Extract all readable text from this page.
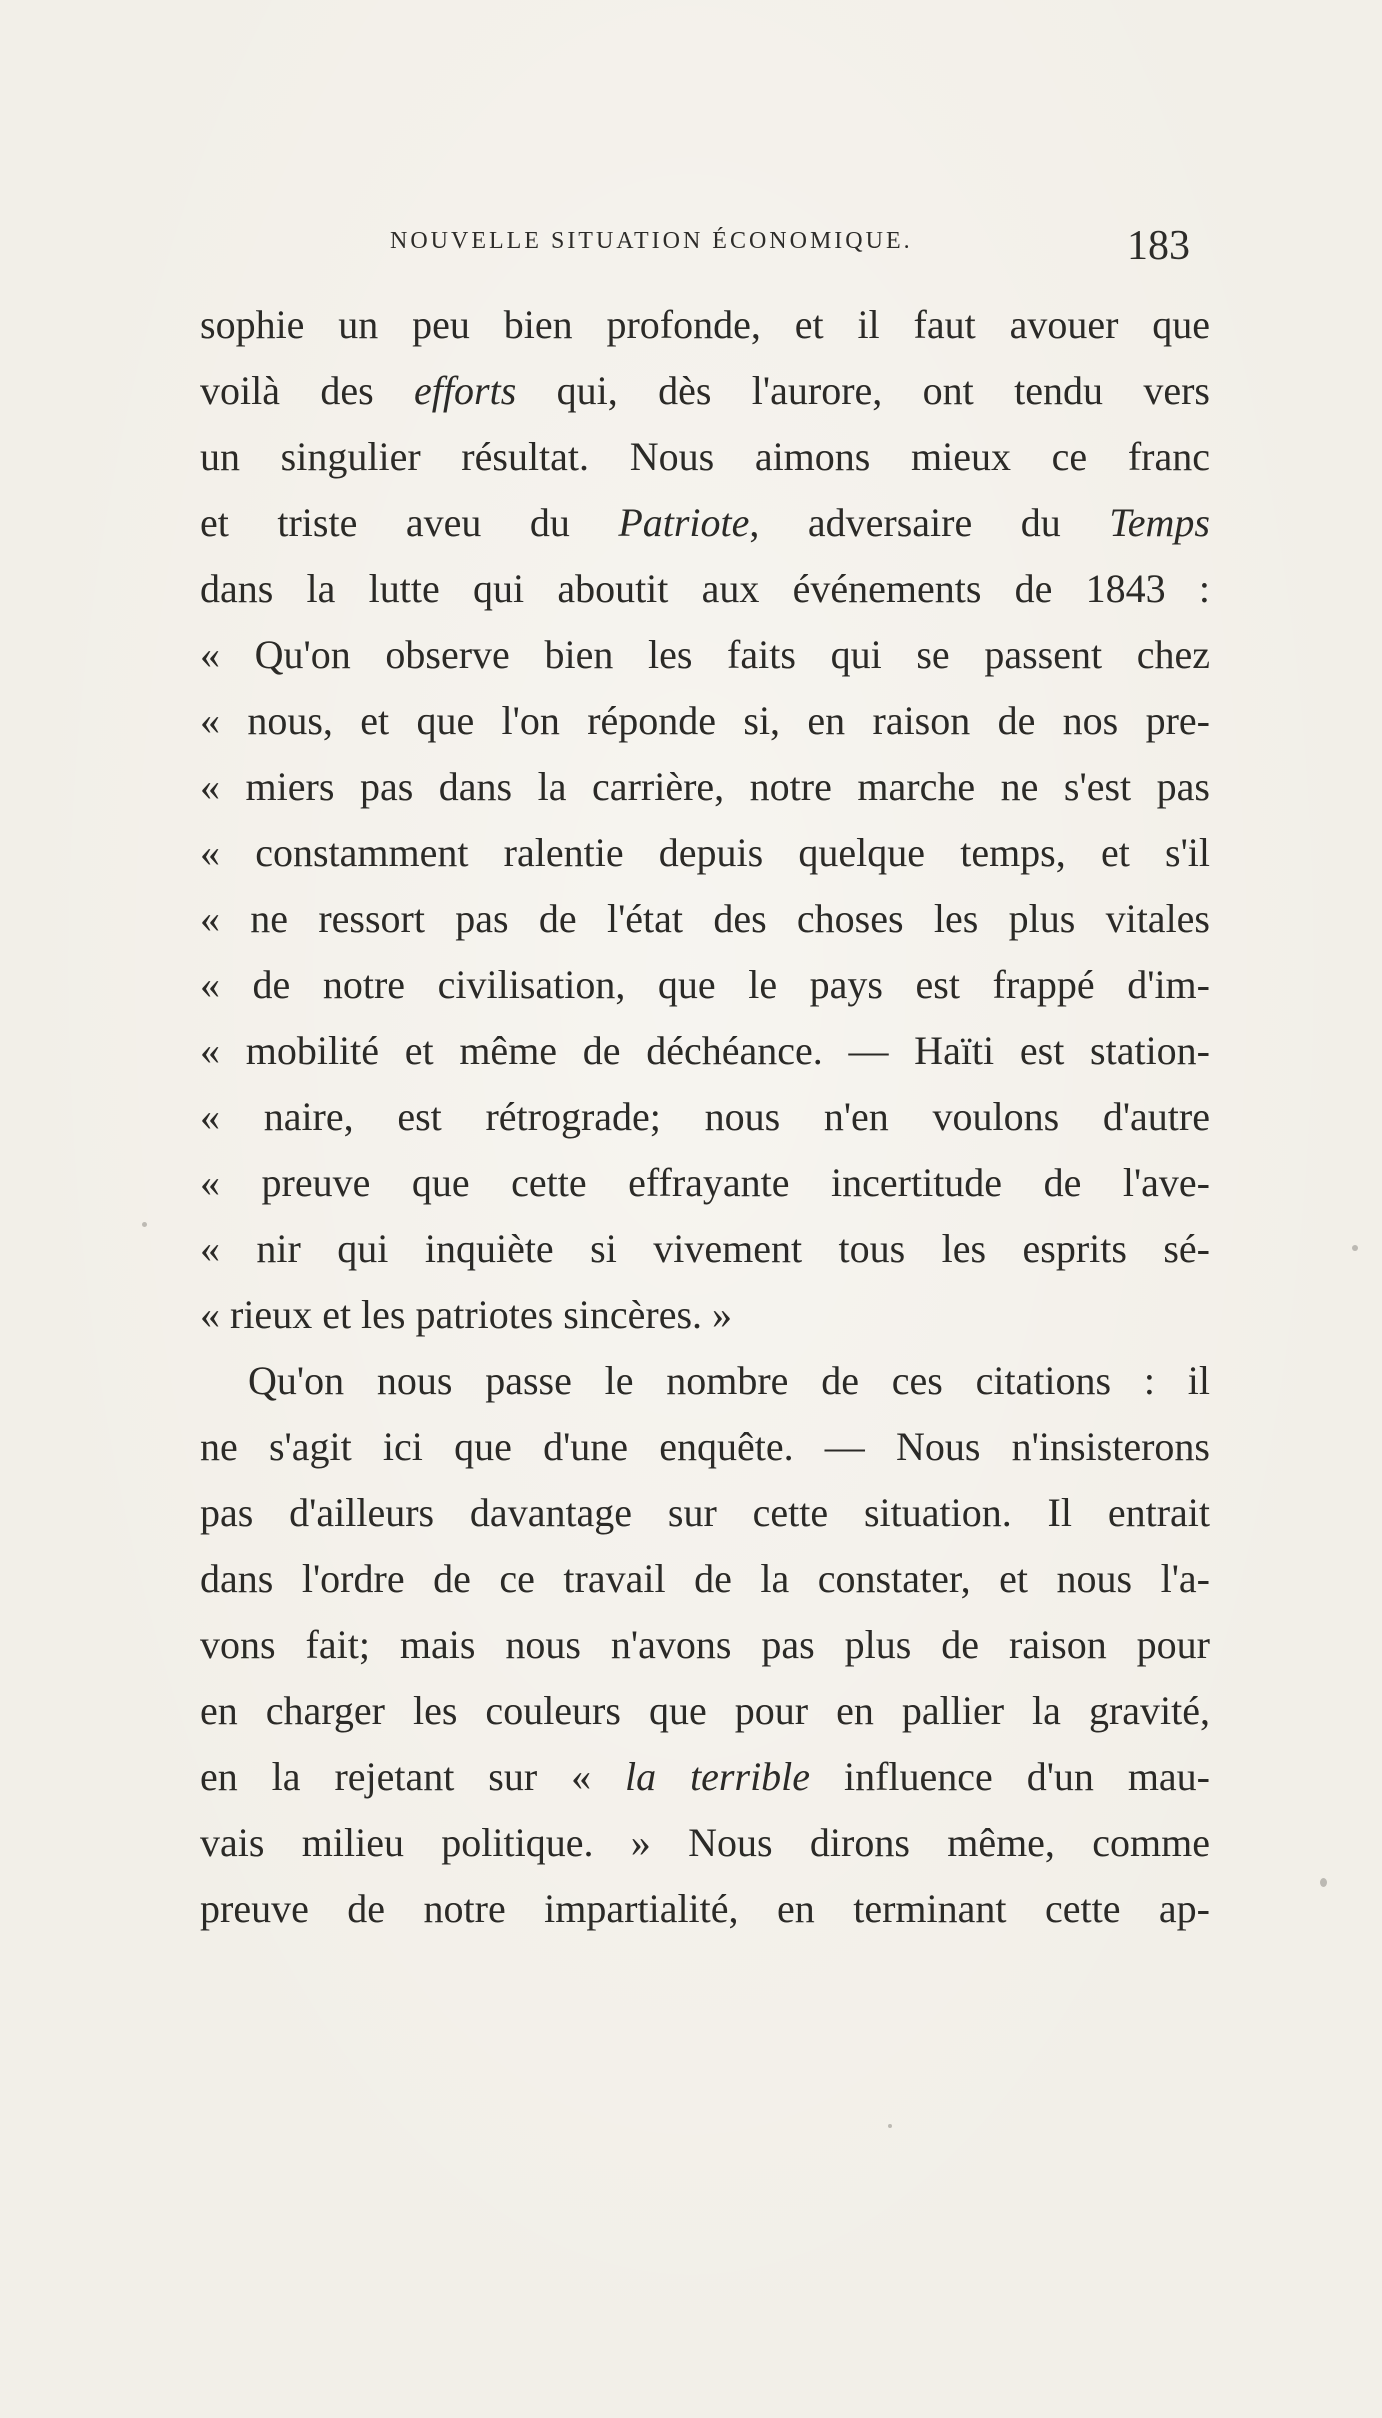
NOUVELLE SITUATION ÉCONOMIQUE.	183
sophie un peu bien profonde, et il faut avouer que
voilà des efforts qui, dès l'aurore, ont tendu vers
un singulier résultat. Nous aimons mieux ce franc
et triste aveu du Patriote, adversaire du Temps
dans la lutte qui aboutit aux événements de 1843 :
« Qu'on observe bien les faits qui se passent chez
« nous, et que l'on réponde si, en raison de nos pre-
« miers pas dans la carrière, notre marche ne s'est pas
« constamment ralentie depuis quelque temps, et s'il
« ne ressort pas de l'état des choses les plus vitales
« de notre civilisation, que le pays est frappé d'im-
« mobilité et même de déchéance. — Haïti est station-
« naire, est rétrograde; nous n'en voulons d'autre
« preuve que cette effrayante incertitude de l'ave-
« nir qui inquiète si vivement tous les esprits sé-
« rieux et les patriotes sincères. »
Qu'on nous passe le nombre de ces citations : il
ne s'agit ici que d'une enquête. — Nous n'insisterons
pas d'ailleurs davantage sur cette situation. Il entrait
dans l'ordre de ce travail de la constater, et nous l'a-
vons fait; mais nous n'avons pas plus de raison pour
en charger les couleurs que pour en pallier la gravité,
en la rejetant sur « la terrible influence d'un mau-
vais milieu politique. » Nous dirons même, comme
preuve de notre impartialité, en terminant cette ap-
